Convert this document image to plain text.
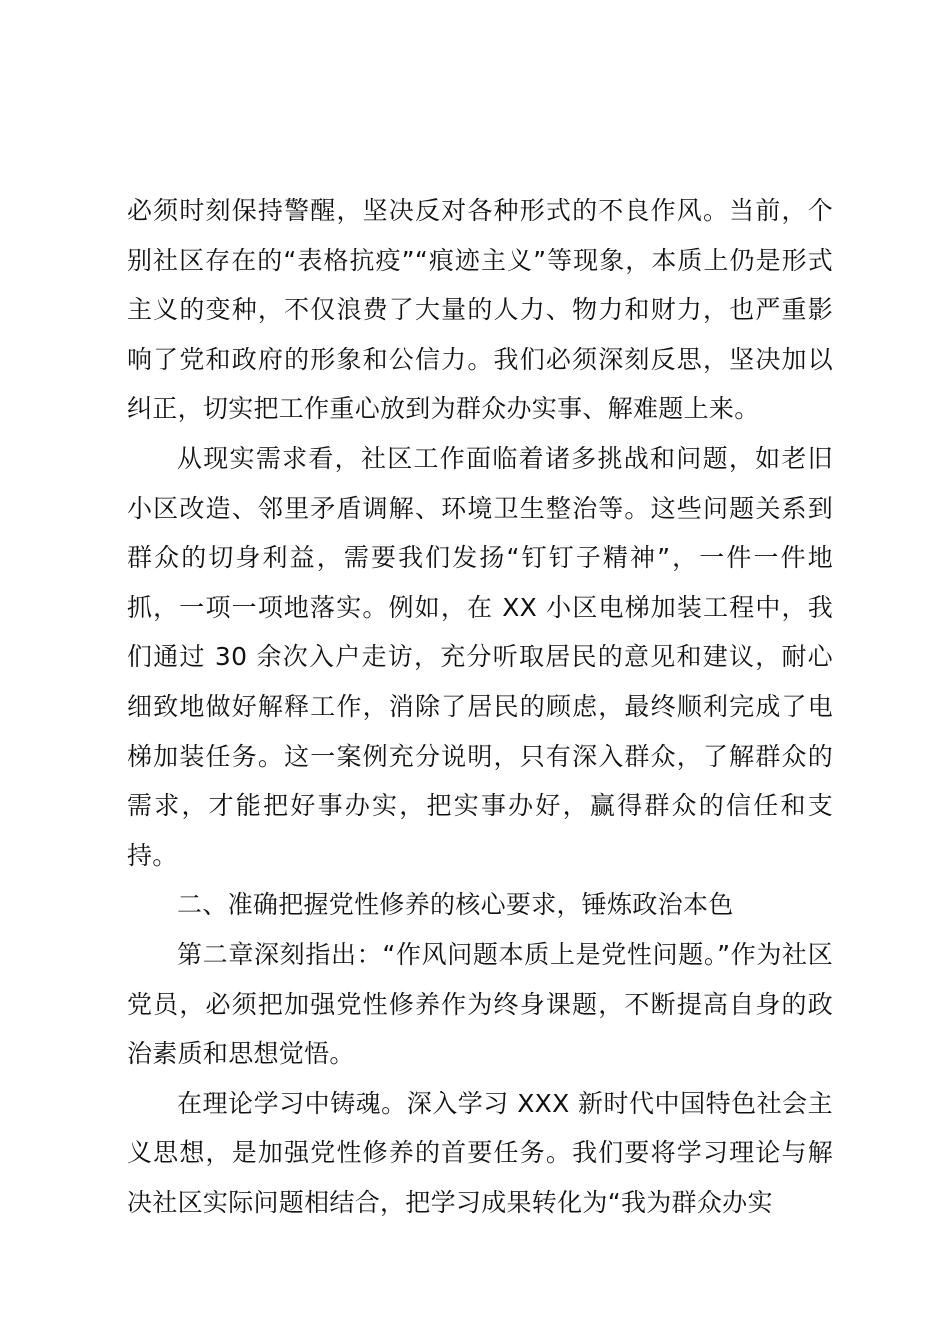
必须时刻保持警醒，坚决反对各种形式的不良作风。当前，个别社区存在的“表格抗疫”“痕迹主义”等现象，本质上仍是形式主义的变种，不仅浪费了大量的人力、物力和财力，也严重影响了党和政府的形象和公信力。我们必须深刻反思，坚决加以纠正，切实把工作重心放到为群众办实事、解难题上来。

从现实需求看，社区工作面临着诸多挑战和问题，如老旧小区改造、邻里矛盾调解、环境卫生整治等。这些问题关系到群众的切身利益，需要我们发扬“钉钉子精神”，一件一件地抓，一项一项地落实。例如，在 XX 小区电梯加装工程中，我们通过 30 余次入户走访，充分听取居民的意见和建议，耐心细致地做好解释工作，消除了居民的顾虑，最终顺利完成了电梯加装任务。这一案例充分说明，只有深入群众，了解群众的需求，才能把好事办实，把实事办好，赢得群众的信任和支持。

二、准确把握党性修养的核心要求，锤炼政治本色

第二章深刻指出：“作风问题本质上是党性问题。”作为社区党员，必须把加强党性修养作为终身课题，不断提高自身的政治素质和思想觉悟。

在理论学习中铸魂。深入学习 XXX 新时代中国特色社会主义思想，是加强党性修养的首要任务。我们要将学习理论与解决社区实际问题相结合，把学习成果转化为“我为群众办实
